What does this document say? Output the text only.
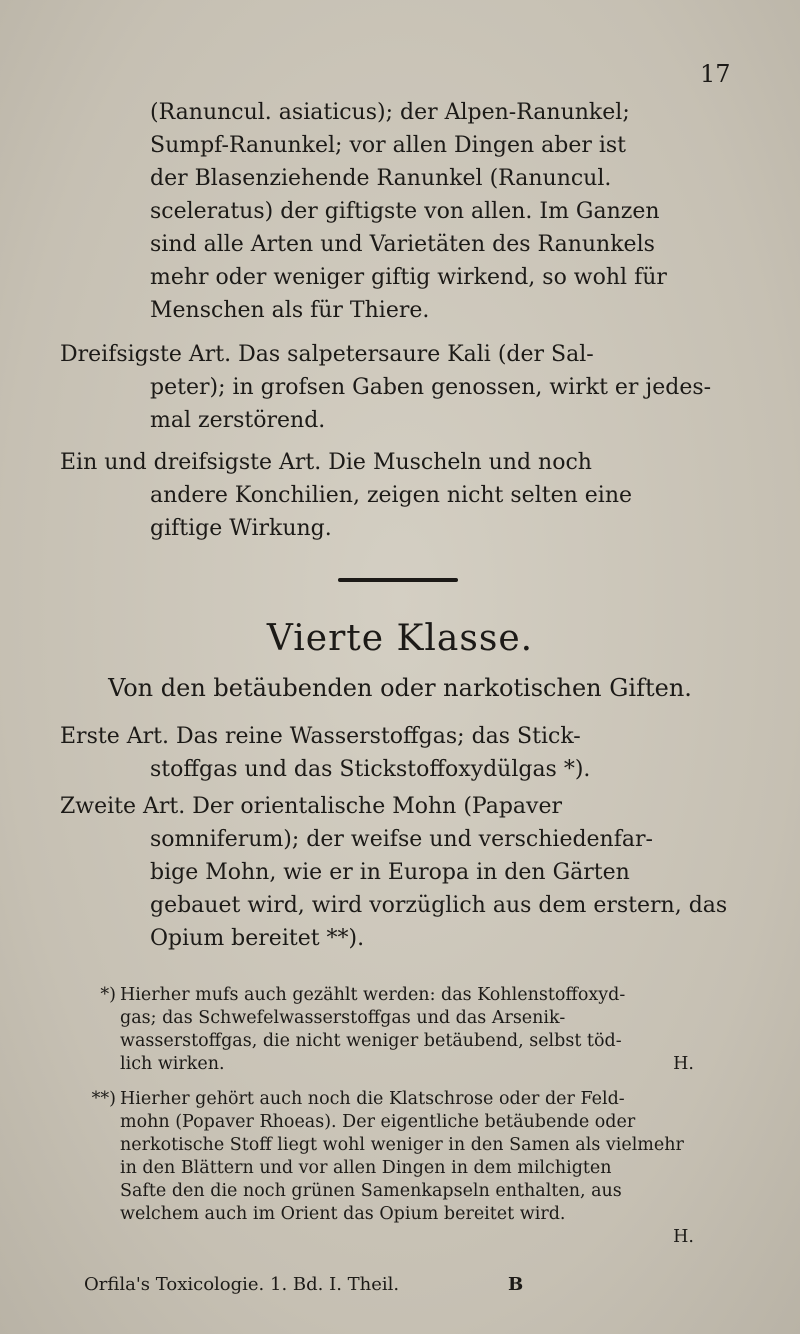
17
(Ranuncul. asiaticus); der Alpen-Ranunkel;
Sumpf-Ranunkel; vor allen Dingen aber ist
der Blasenziehende Ranunkel (Ranuncul.
sceleratus) der giftigste von allen. Im Ganzen
sind alle Arten und Varietäten des Ranunkels
mehr oder weniger giftig wirkend, so wohl für
Menschen als für Thiere.
Dreifsigste Art. Das salpetersaure Kali (der Sal-
peter); in grofsen Gaben genossen, wirkt er jedes-
mal zerstörend.
Ein und dreifsigste Art. Die Muscheln und noch
andere Konchilien, zeigen nicht selten eine
giftige Wirkung.
Vierte Klasse.
Von den betäubenden oder narkotischen Giften.
Erste Art. Das reine Wasserstoffgas; das Stick-
stoffgas und das Stickstoffoxydülgas *).
Zweite Art. Der orientalische Mohn (Papaver
somniferum); der weifse und verschiedenfar-
bige Mohn, wie er in Europa in den Gärten
gebauet wird, wird vorzüglich aus dem erstern, das
Opium bereitet **).
*) Hierher mufs auch gezählt werden: das Kohlenstoffoxyd-
gas; das Schwefelwasserstoffgas und das Arsenik-
wasserstoffgas, die nicht weniger betäubend, selbst töd-
lich wirken.	H.
**) Hierher gehört auch noch die Klatschrose oder der Feld-
mohn (Popaver Rhoeas). Der eigentliche betäubende oder
nerkotische Stoff liegt wohl weniger in den Samen als vielmehr
in den Blättern und vor allen Dingen in dem milchigten
Safte den die noch grünen Samenkapseln enthalten, aus
welchem auch im Orient das Opium bereitet wird.
H.
Orfila's Toxicologie. 1. Bd. I. Theil.	B
